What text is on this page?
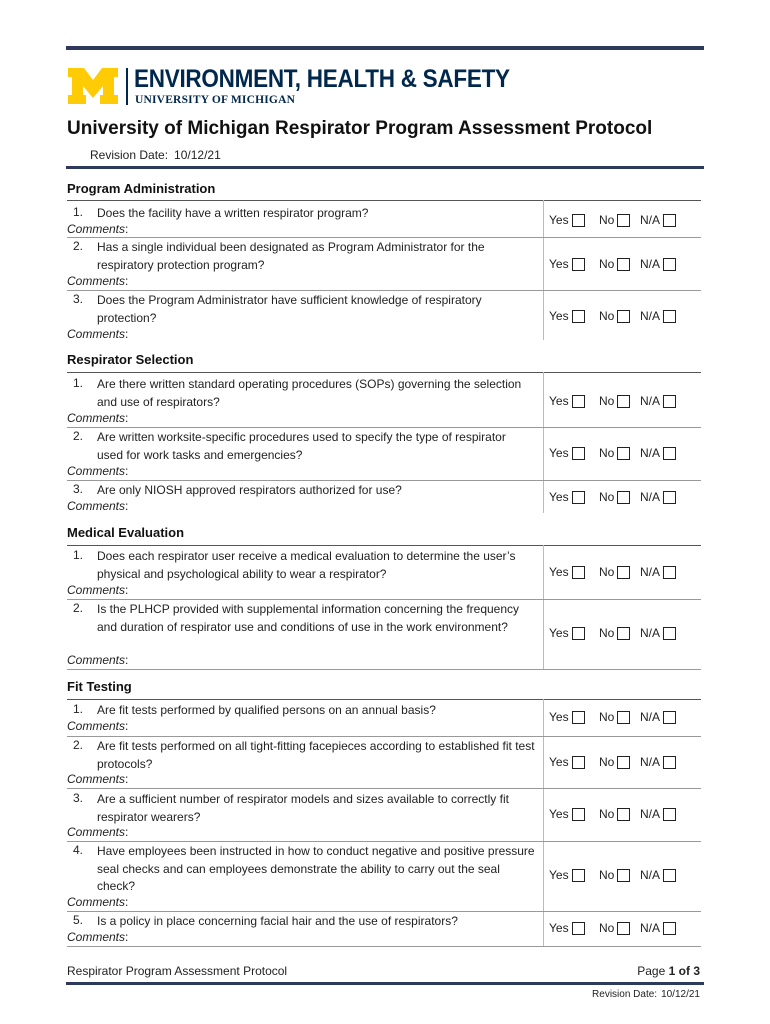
ENVIRONMENT, HEALTH & SAFETY
UNIVERSITY OF MICHIGAN
University of Michigan Respirator Program Assessment Protocol
Revision Date: 10/12/21
Program Administration
1. Does the facility have a written respirator program?
Comments:
Yes	No N/A
2. Has a single individual been designated as Program Administrator for the respiratory protection program?
Comments:
Yes	No N/A
3. Does the Program Administrator have sufficient knowledge of respiratory protection?
Comments:
Yes	No N/A
Respirator Selection
1. Are there written standard operating procedures (SOPs) governing the selection and use of respirators?
Comments:
Yes	No N/A
2. Are written worksite-specific procedures used to specify the type of respirator used for work tasks and emergencies?
Comments:
Yes	No N/A
3. Are only NIOSH approved respirators authorized for use?
Comments:
Yes	No N/A
Medical Evaluation
1. Does each respirator user receive a medical evaluation to determine the user’s physical and psychological ability to wear a respirator?
Comments:
Yes	No N/A
2. Is the PLHCP provided with supplemental information concerning the frequency and duration of respirator use and conditions of use in the work environment?
Comments:
Yes	No N/A
Fit Testing
1. Are fit tests performed by qualified persons on an annual basis?
Comments:
Yes	No N/A
2. Are fit tests performed on all tight-fitting facepieces according to established fit test protocols?
Comments:
Yes	No N/A
3. Are a sufficient number of respirator models and sizes available to correctly fit respirator wearers?
Comments:
Yes	No N/A
4. Have employees been instructed in how to conduct negative and positive pressure seal checks and can employees demonstrate the ability to carry out the seal check?
Comments:
Yes	No N/A
5. Is a policy in place concerning facial hair and the use of respirators?
Comments:
Yes	No N/A
Respirator Program Assessment Protocol	Page 1 of 3
Revision Date: 10/12/21
